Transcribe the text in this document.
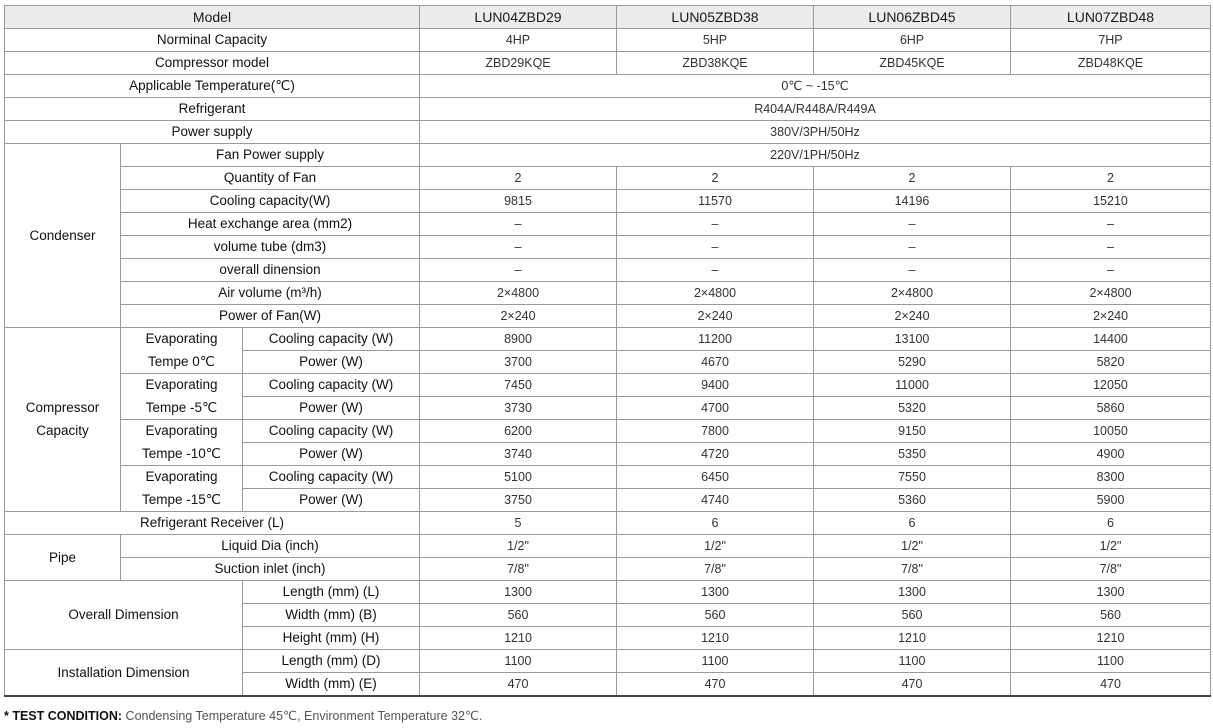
Model			LUN04ZBD29	LUN05ZBD38	LUN06ZBD45	LUN07ZBD48
Norminal Capacity			4HP	5HP	6HP	7HP
Compressor model			ZBD29KQE	ZBD38KQE	ZBD45KQE	ZBD48KQE
Applicable Temperature(℃)			0℃ ~ -15℃			
Refrigerant			R404A/R448A/R449A			
Power supply			380V/3PH/50Hz			
Condenser	Fan Power supply		220V/1PH/50Hz			
	Quantity of Fan		2	2	2	2
	Cooling capacity(W)		9815	11570	14196	15210
	Heat exchange area (mm2)		–	–	–	–
	volume tube (dm3)		–	–	–	–
	overall dinension		–	–	–	–
	Air volume (m³/h)		2×4800	2×4800	2×4800	2×4800
	Power of Fan(W)		2×240	2×240	2×240	2×240

Compressor
Capacity	Evaporating	Cooling capacity (W)	8900	11200	13100	14400
	Tempe 0℃	Power (W)	3700	4670	5290	5820
	Evaporating	Cooling capacity (W)	7450	9400	11000	12050
	Tempe -5℃	Power (W)	3730	4700	5320	5860
	Evaporating	Cooling capacity (W)	6200	7800	9150	10050
	Tempe -10℃	Power (W)	3740	4720	5350	4900
	Evaporating	Cooling capacity (W)	5100	6450	7550	8300
	Tempe -15℃	Power (W)	3750	4740	5360	5900
Refrigerant Receiver (L)			5	6	6	6
Pipe	Liquid Dia (inch)		1/2"	1/2"	1/2"	1/2"
	Suction inlet (inch)		7/8"	7/8"	7/8"	7/8"
Overall Dimension		Length (mm) (L)	1300	1300	1300	1300
		Width (mm) (B)	560	560	560	560
		Height (mm) (H)	1210	1210	1210	1210
Installation Dimension		Length (mm) (D)	1100	1100	1100	1100
		Width (mm) (E)	470	470	470	470
* TEST CONDITION: Condensing Temperature 45℃, Environment Temperature 32℃.
